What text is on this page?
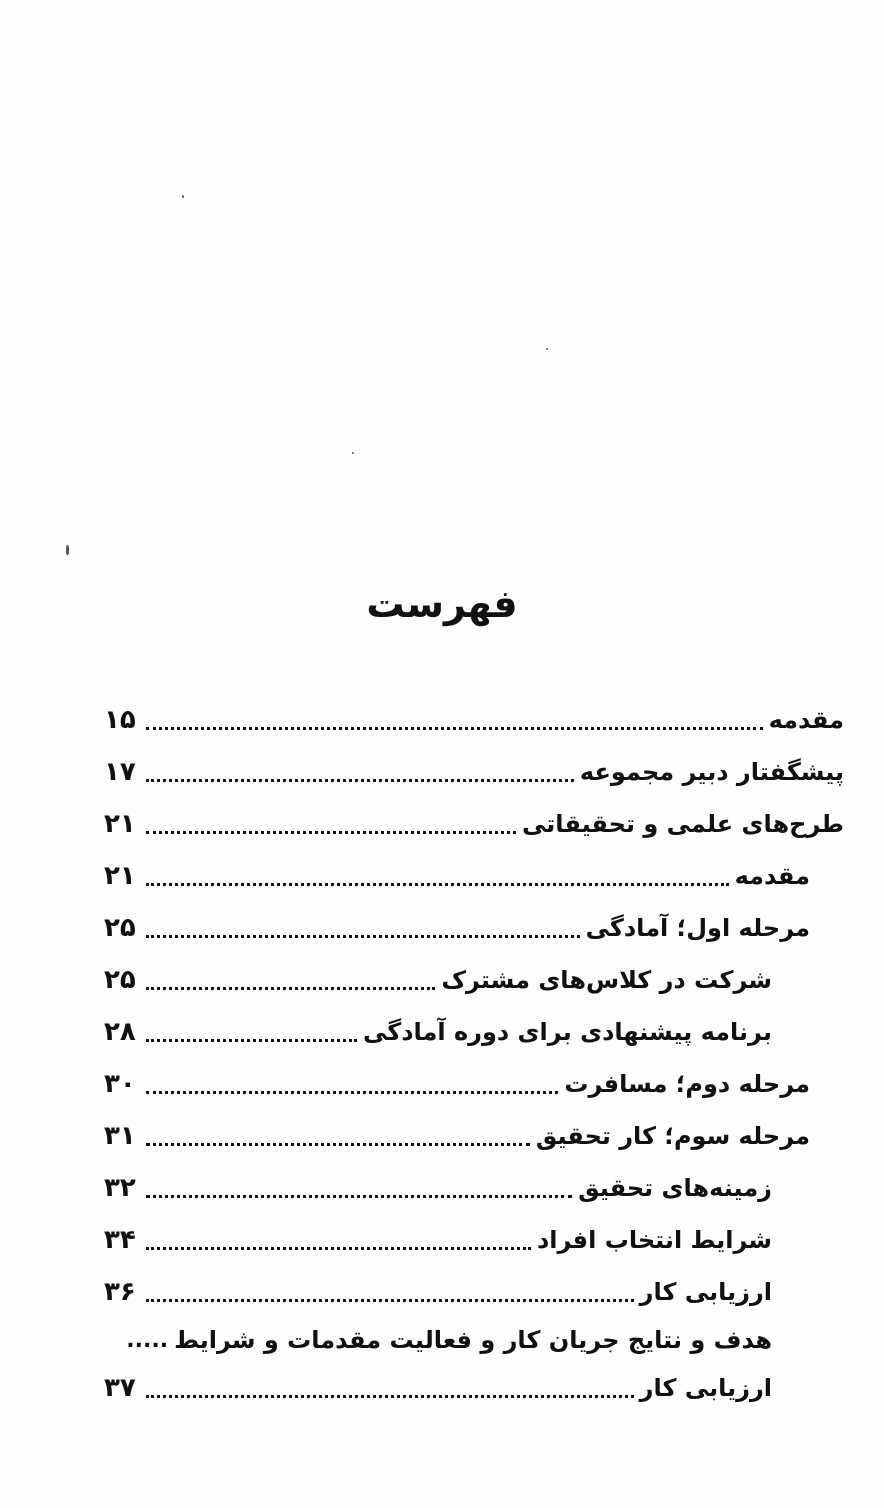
فهرست
مقدمه
۱۵
پیشگفتار دبیر مجموعه
۱۷
طرح‌های علمی و تحقیقاتی
۲۱
مقدمه
۲۱
مرحله اول؛ آمادگی
۲۵
شرکت در کلاس‌های مشترک
۲۵
برنامه پیشنهادی برای دوره آمادگی
۲۸
مرحله دوم؛ مسافرت
۳۰
مرحله سوم؛ کار تحقیق
۳۱
زمینه‌های تحقیق
۳۲
شرایط انتخاب افراد
۳۴
ارزیابی کار
۳۶
هدف و نتایج جریان کار و فعالیت مقدمات و شرایط
.....
ارزیابی کار
۳۷
